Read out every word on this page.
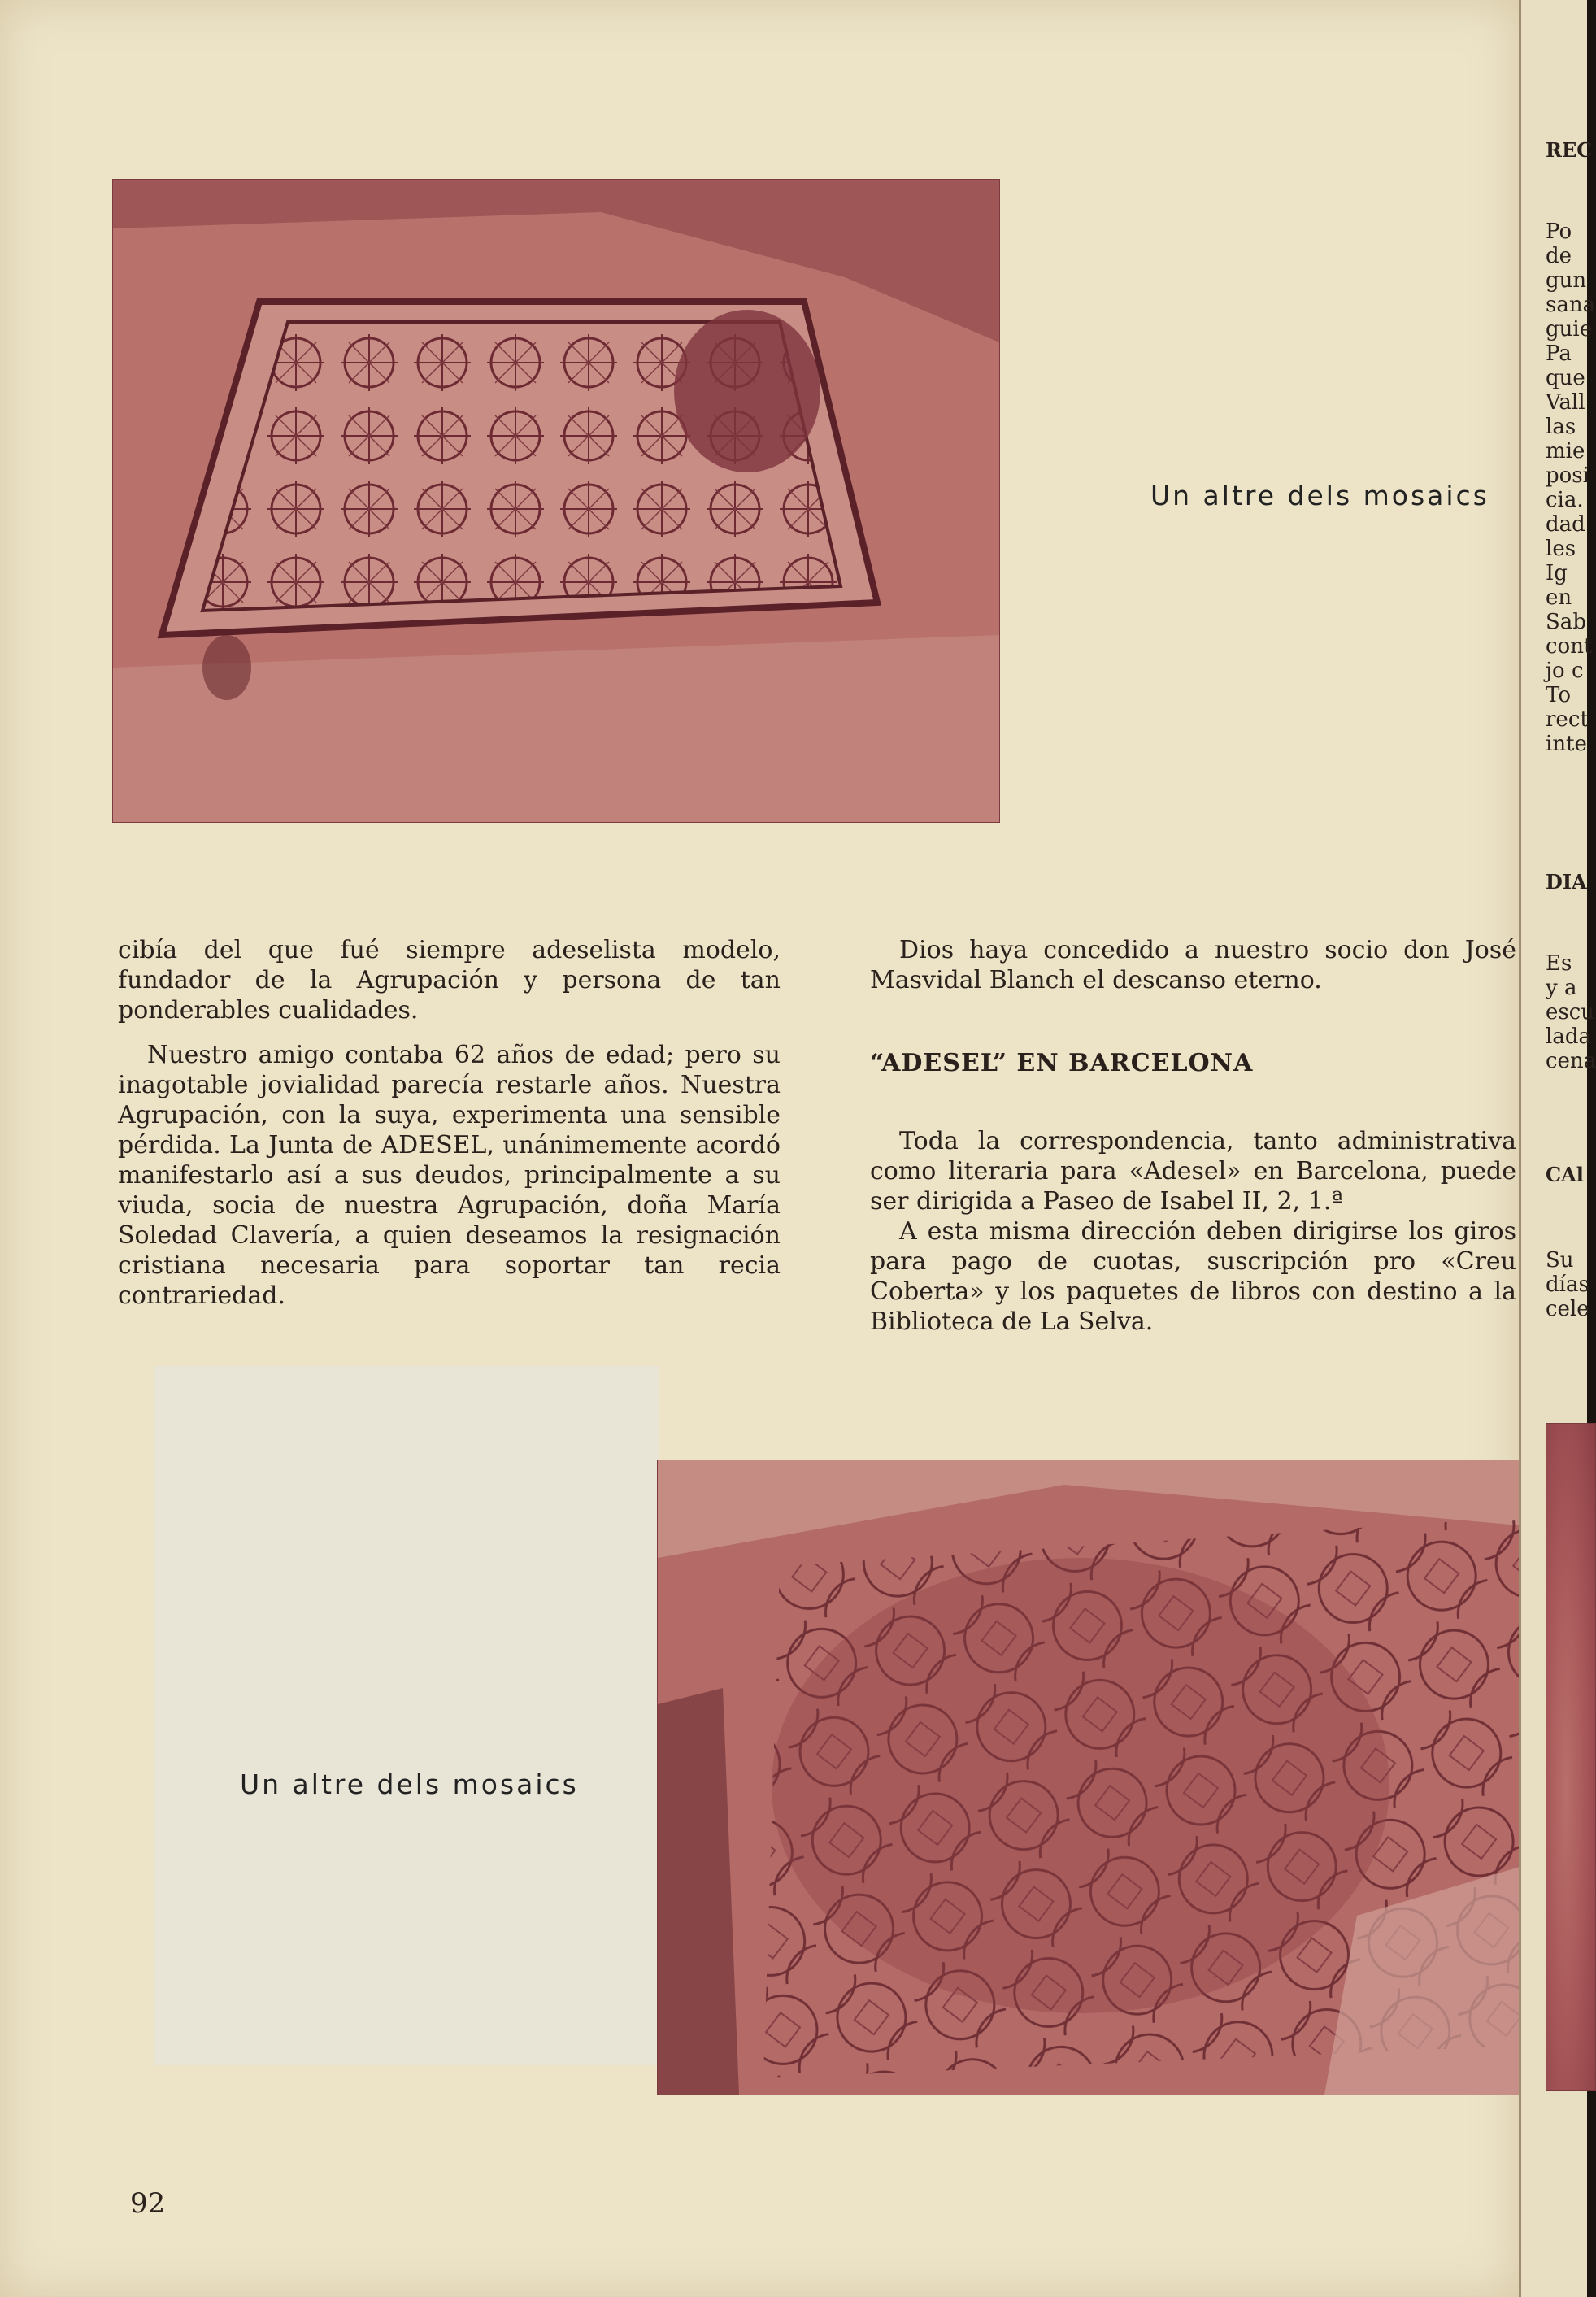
Un altre dels mosaics

cibía del que fué siempre adeselista modelo, fundador de la Agrupación y persona de tan ponderables cualidades.

Nuestro amigo contaba 62 años de edad; pero su inagotable jovialidad parecía restarle años. Nuestra Agrupación, con la suya, experimenta una sensible pérdida. La Junta de ADESEL, unánimemente acordó manifestarlo así a sus deudos, principalmente a su viuda, socia de nuestra Agrupación, doña María Soledad Clavería, a quien deseamos la resignación cristiana necesaria para soportar tan recia contrariedad.

Dios haya concedido a nuestro socio don José Masvidal Blanch el descanso eterno.

“ADESEL” EN BARCELONA

Toda la correspondencia, tanto administrativa como literaria para «Adesel» en Barcelona, puede ser dirigida a Paseo de Isabel II, 2, 1.ª

A esta misma dirección deben dirigirse los giros para pago de cuotas, suscripción pro «Creu Coberta» y los paquetes de libros con destino a la Biblioteca de La Selva.

Un altre dels mosaics
92
REC
Po
de
gun
sana
guie
Pa
que
Vall
las
mie
posi
cia.
dad
les
Ig
en
Sab
cont
jo c
To
rect
inte
DIA
Es
y a
escu
lada
cena
CAl
Su
días
cele
